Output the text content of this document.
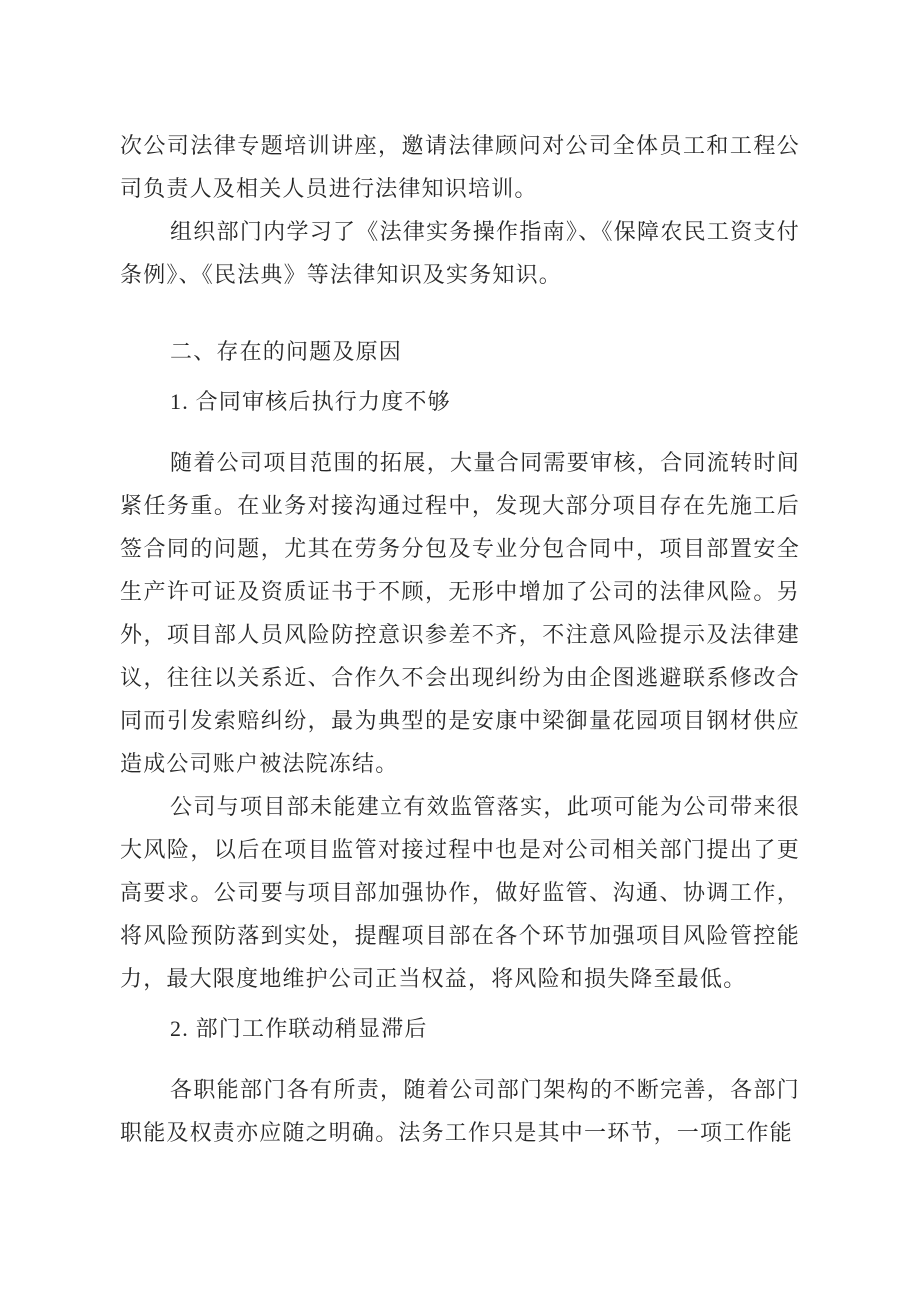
次公司法律专题培训讲座，邀请法律顾问对公司全体员工和工程公司负责人及相关人员进行法律知识培训。

组织部门内学习了《法律实务操作指南》、《保障农民工资支付条例》、《民法典》等法律知识及实务知识。

二、存在的问题及原因

1. 合同审核后执行力度不够

随着公司项目范围的拓展，大量合同需要审核，合同流转时间紧任务重。在业务对接沟通过程中，发现大部分项目存在先施工后签合同的问题，尤其在劳务分包及专业分包合同中，项目部置安全生产许可证及资质证书于不顾，无形中增加了公司的法律风险。另外，项目部人员风险防控意识参差不齐，不注意风险提示及法律建议，往往以关系近、合作久不会出现纠纷为由企图逃避联系修改合同而引发索赔纠纷，最为典型的是安康中梁御量花园项目钢材供应造成公司账户被法院冻结。

公司与项目部未能建立有效监管落实，此项可能为公司带来很大风险，以后在项目监管对接过程中也是对公司相关部门提出了更高要求。公司要与项目部加强协作，做好监管、沟通、协调工作，将风险预防落到实处，提醒项目部在各个环节加强项目风险管控能力，最大限度地维护公司正当权益，将风险和损失降至最低。

2. 部门工作联动稍显滞后

各职能部门各有所责，随着公司部门架构的不断完善，各部门职能及权责亦应随之明确。法务工作只是其中一环节，一项工作能
